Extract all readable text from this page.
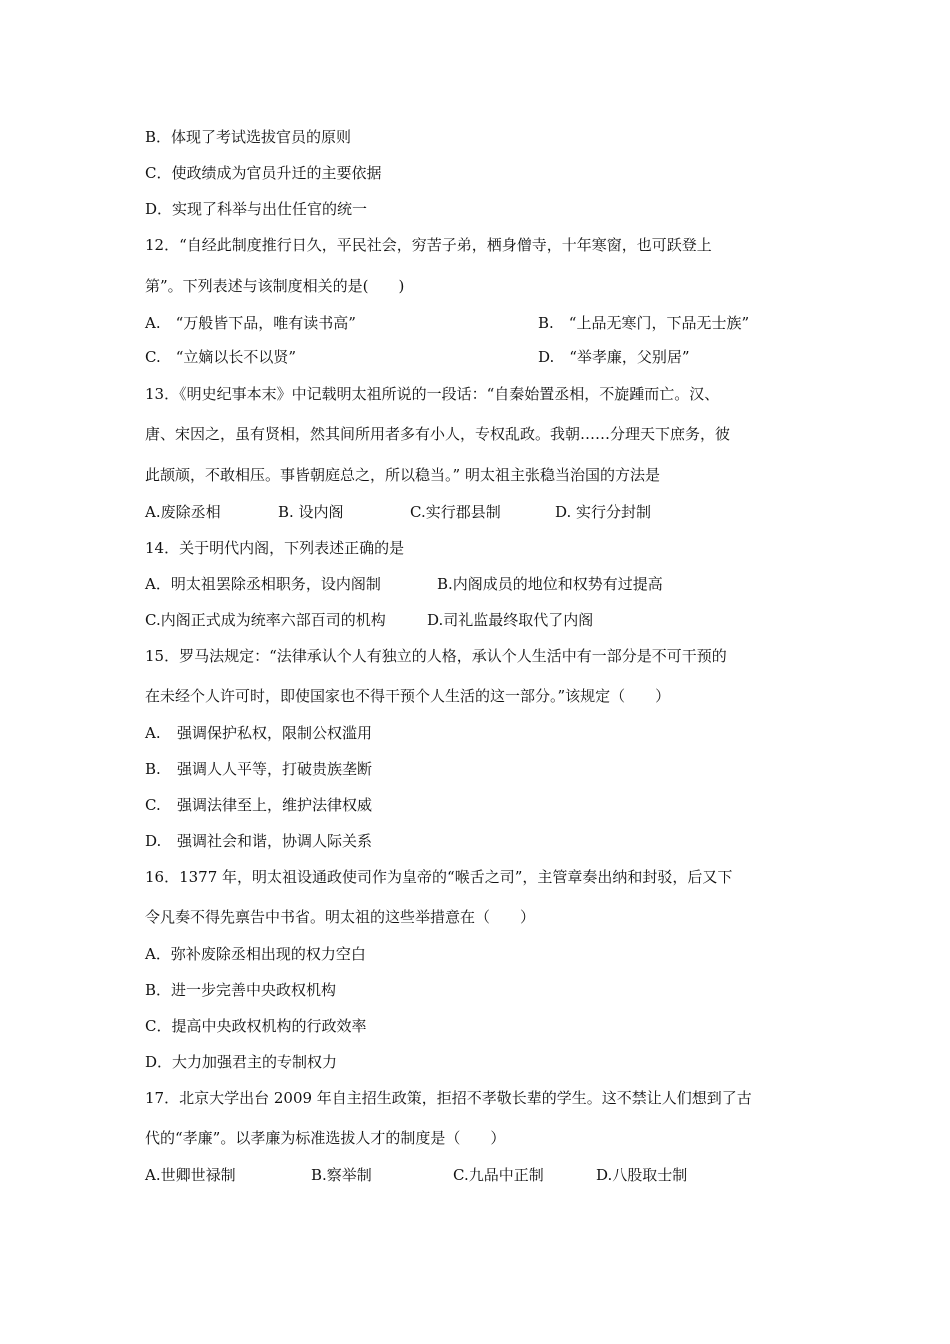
B．体现了考试选拔官员的原则
C．使政绩成为官员升迁的主要依据
D．实现了科举与出仕任官的统一
12．“自经此制度推行日久，平民社会，穷苦子弟，栖身僧寺，十年寒窗，也可跃登上
第”。下列表述与该制度相关的是(　　)
A.　“万般皆下品，唯有读书高”	B.　“上品无寒门，下品无士族”
C.　“立嫡以长不以贤”	D.　“举孝廉，父别居”
13．《明史纪事本末》中记载明太祖所说的一段话：“自秦始置丞相，不旋踵而亡。汉、
唐、宋因之，虽有贤相，然其间所用者多有小人，专权乱政。我朝……分理天下庶务，彼
此颉颃，不敢相压。事皆朝庭总之，所以稳当。” 明太祖主张稳当治国的方法是
A.废除丞相	B. 设内阁	C.实行郡县制	D. 实行分封制
14．关于明代内阁，下列表述正确的是
A．明太祖罢除丞相职务，设内阁制	B.内阁成员的地位和权势有过提高
C.内阁正式成为统率六部百司的机构	D.司礼监最终取代了内阁
15．罗马法规定：“法律承认个人有独立的人格，承认个人生活中有一部分是不可干预的
在未经个人许可时，即使国家也不得干预个人生活的这一部分。”该规定（　　）
A. 强调保护私权，限制公权滥用
B. 强调人人平等，打破贵族垄断
C. 强调法律至上，维护法律权威
D. 强调社会和谐，协调人际关系
16．1377 年，明太祖设通政使司作为皇帝的“喉舌之司”，主管章奏出纳和封驳，后又下
令凡奏不得先禀告中书省。明太祖的这些举措意在（　　）
A．弥补废除丞相出现的权力空白
B．进一步完善中央政权机构
C．提高中央政权机构的行政效率
D．大力加强君主的专制权力
17．北京大学出台 2009 年自主招生政策，拒招不孝敬长辈的学生。这不禁让人们想到了古
代的“孝廉”。以孝廉为标准选拔人才的制度是（　　）
A.世卿世禄制	B.察举制	C.九品中正制	D.八股取士制
